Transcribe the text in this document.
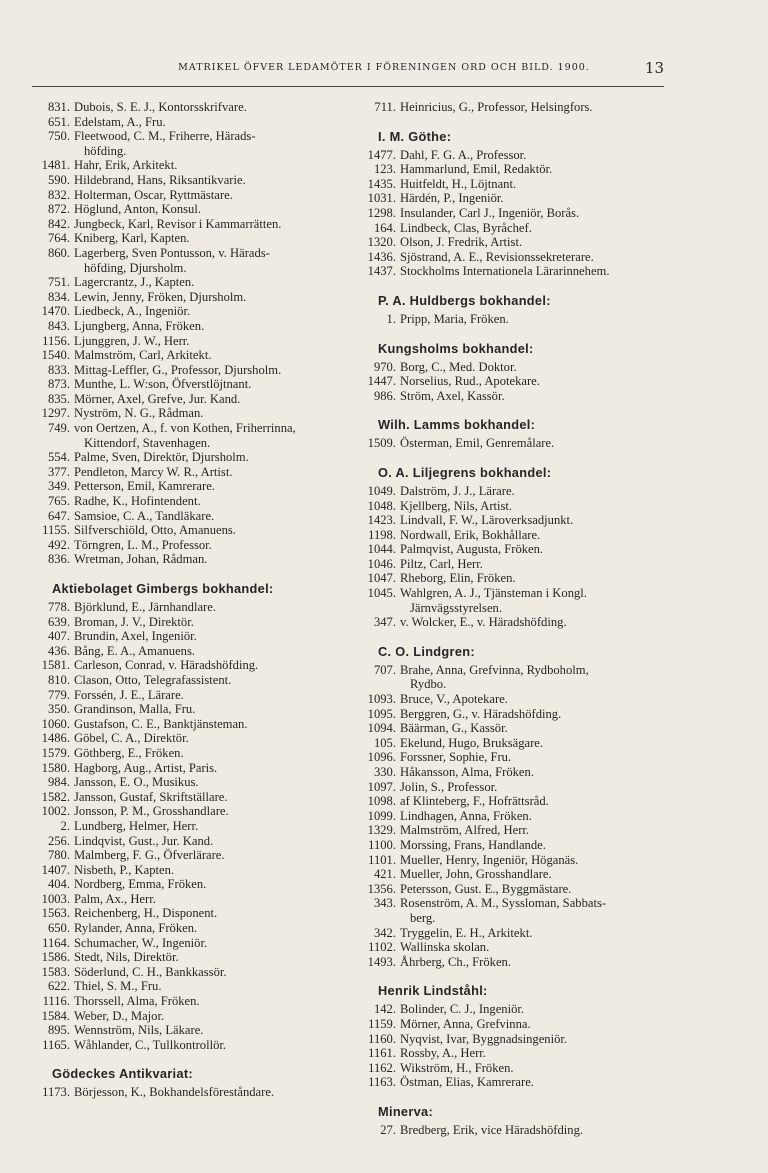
MATRIKEL ÖFVER LEDAMÖTER I FÖRENINGEN ORD OCH BILD. 1900.	13
831. Dubois, S. E. J., Kontorsskrifvare.
651. Edelstam, A., Fru.
750. Fleetwood, C. M., Friherre, Härads-
höfding.
1481. Hahr, Erik, Arkitekt.
590. Hildebrand, Hans, Riksantikvarie.
832. Holterman, Oscar, Ryttmästare.
872. Höglund, Anton, Konsul.
842. Jungbeck, Karl, Revisor i Kammarrätten.
764. Kniberg, Karl, Kapten.
860. Lagerberg, Sven Pontusson, v. Härads-
höfding, Djursholm.
751. Lagercrantz, J., Kapten.
834. Lewin, Jenny, Fröken, Djursholm.
1470. Liedbeck, A., Ingeniör.
843. Ljungberg, Anna, Fröken.
1156. Ljunggren, J. W., Herr.
1540. Malmström, Carl, Arkitekt.
833. Mittag-Leffler, G., Professor, Djursholm.
873. Munthe, L. W:son, Öfverstlöjtnant.
835. Mörner, Axel, Grefve, Jur. Kand.
1297. Nyström, N. G., Rådman.
749. von Oertzen, A., f. von Kothen, Friherrinna,
Kittendorf, Stavenhagen.
554. Palme, Sven, Direktör, Djursholm.
377. Pendleton, Marcy W. R., Artist.
349. Petterson, Emil, Kamrerare.
765. Radhe, K., Hofintendent.
647. Samsioe, C. A., Tandläkare.
1155. Silfverschiöld, Otto, Amanuens.
492. Törngren, L. M., Professor.
836. Wretman, Johan, Rådman.
Aktiebolaget Gimbergs bokhandel:
778. Björklund, E., Järnhandlare.
639. Broman, J. V., Direktör.
407. Brundin, Axel, Ingeniör.
436. Bång, E. A., Amanuens.
1581. Carleson, Conrad, v. Häradshöfding.
810. Clason, Otto, Telegrafassistent.
779. Forssén, J. E., Lärare.
350. Grandinson, Malla, Fru.
1060. Gustafson, C. E., Banktjänsteman.
1486. Göbel, C. A., Direktör.
1579. Göthberg, E., Fröken.
1580. Hagborg, Aug., Artist, Paris.
984. Jansson, E. O., Musikus.
1582. Jansson, Gustaf, Skriftställare.
1002. Jonsson, P. M., Grosshandlare.
2. Lundberg, Helmer, Herr.
256. Lindqvist, Gust., Jur. Kand.
780. Malmberg, F. G., Öfverlärare.
1407. Nisbeth, P., Kapten.
404. Nordberg, Emma, Fröken.
1003. Palm, Ax., Herr.
1563. Reichenberg, H., Disponent.
650. Rylander, Anna, Fröken.
1164. Schumacher, W., Ingeniör.
1586. Stedt, Nils, Direktör.
1583. Söderlund, C. H., Bankkassör.
622. Thiel, S. M., Fru.
1116. Thorssell, Alma, Fröken.
1584. Weber, D., Major.
895. Wennström, Nils, Läkare.
1165. Wåhlander, C., Tullkontrollör.
Gödeckes Antikvariat:
1173. Börjesson, K., Bokhandelsföreståndare.
711. Heinricius, G., Professor, Helsingfors.
I. M. Göthe:
1477. Dahl, F. G. A., Professor.
123. Hammarlund, Emil, Redaktör.
1435. Huitfeldt, H., Löjtnant.
1031. Härdén, P., Ingeniör.
1298. Insulander, Carl J., Ingeniör, Borås.
164. Lindbeck, Clas, Byråchef.
1320. Olson, J. Fredrik, Artist.
1436. Sjöstrand, A. E., Revisionssekreterare.
1437. Stockholms Internationela Lärarinnehem.
P. A. Huldbergs bokhandel:
1. Pripp, Maria, Fröken.
Kungsholms bokhandel:
970. Borg, C., Med. Doktor.
1447. Norselius, Rud., Apotekare.
986. Ström, Axel, Kassör.
Wilh. Lamms bokhandel:
1509. Österman, Emil, Genremålare.
O. A. Liljegrens bokhandel:
1049. Dalström, J. J., Lärare.
1048. Kjellberg, Nils, Artist.
1423. Lindvall, F. W., Läroverksadjunkt.
1198. Nordwall, Erik, Bokhållare.
1044. Palmqvist, Augusta, Fröken.
1046. Piltz, Carl, Herr.
1047. Rheborg, Elin, Fröken.
1045. Wahlgren, A. J., Tjänsteman i Kongl.
Järnvägsstyrelsen.
347. v. Wolcker, E., v. Häradshöfding.
C. O. Lindgren:
707. Brahe, Anna, Grefvinna, Rydboholm,
Rydbo.
1093. Bruce, V., Apotekare.
1095. Berggren, G., v. Häradshöfding.
1094. Bäärman, G., Kassör.
105. Ekelund, Hugo, Bruksägare.
1096. Forssner, Sophie, Fru.
330. Håkansson, Alma, Fröken.
1097. Jolin, S., Professor.
1098. af Klinteberg, F., Hofrättsråd.
1099. Lindhagen, Anna, Fröken.
1329. Malmström, Alfred, Herr.
1100. Morssing, Frans, Handlande.
1101. Mueller, Henry, Ingeniör, Höganäs.
421. Mueller, John, Grosshandlare.
1356. Petersson, Gust. E., Byggmästare.
343. Rosenström, A. M., Syssloman, Sabbats-
berg.
342. Tryggelin, E. H., Arkitekt.
1102. Wallinska skolan.
1493. Åhrberg, Ch., Fröken.
Henrik Lindståhl:
142. Bolinder, C. J., Ingeniör.
1159. Mörner, Anna, Grefvinna.
1160. Nyqvist, Ivar, Byggnadsingeniör.
1161. Rossby, A., Herr.
1162. Wikström, H., Fröken.
1163. Östman, Elias, Kamrerare.
Minerva:
27. Bredberg, Erik, vice Häradshöfding.
